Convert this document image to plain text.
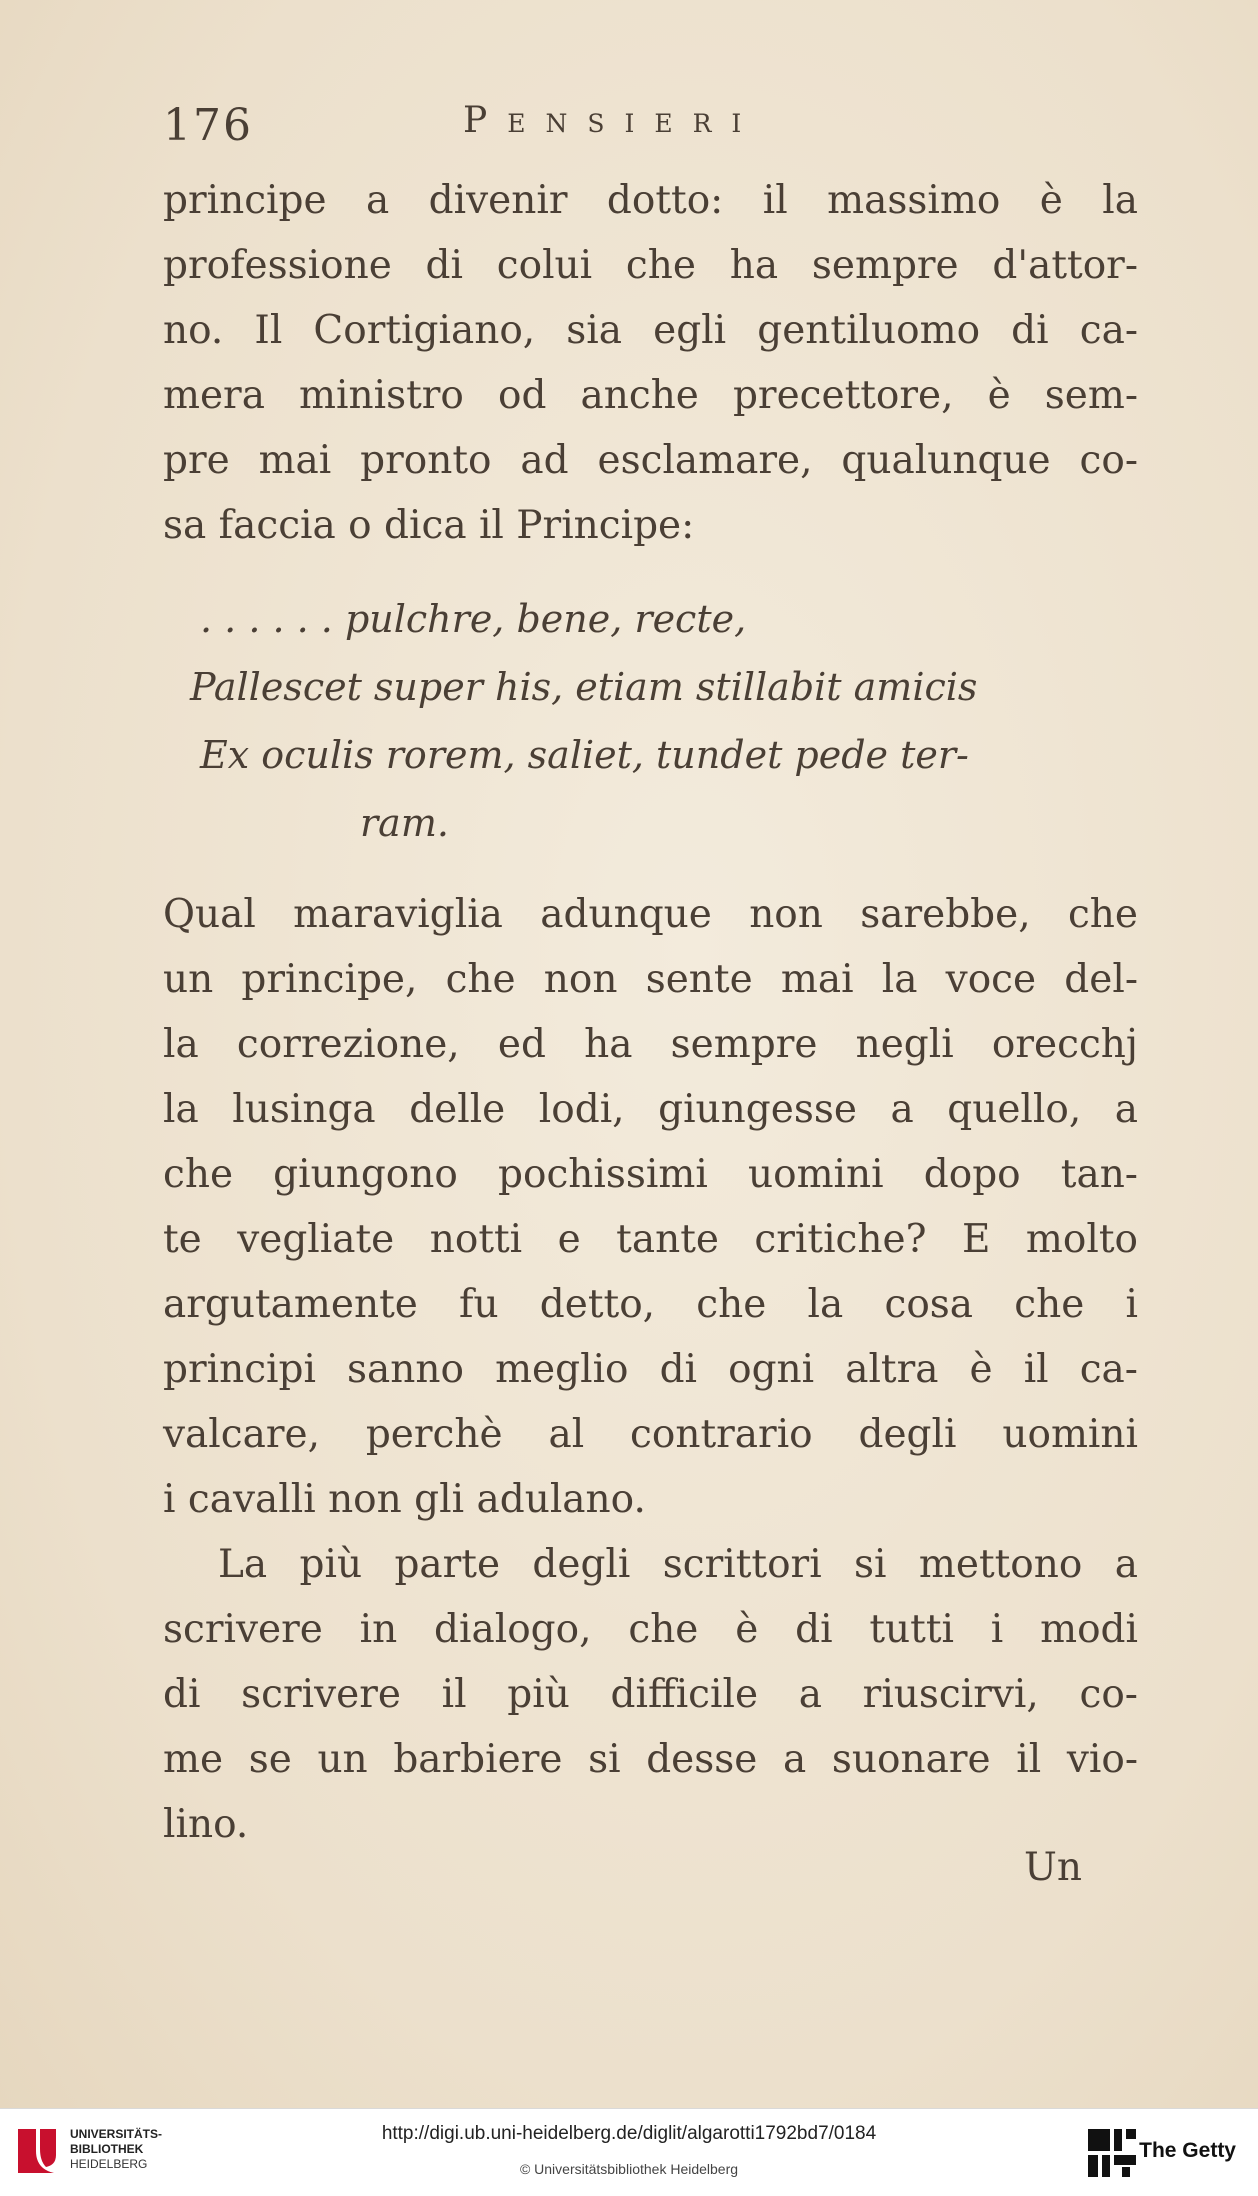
176	Pensieri
principe a divenir dotto: il massimo è la
professione di colui che ha sempre d'attor-
no. Il Cortigiano, sia egli gentiluomo di ca-
mera ministro od anche precettore, è sem-
pre mai pronto ad esclamare, qualunque co-
sa faccia o dica il Principe:
. . . . . . pulchre, bene, recte,
Pallescet super his, etiam stillabit amicis
Ex oculis rorem, saliet, tundet pede ter-
ram.
Qual maraviglia adunque non sarebbe, che
un principe, che non sente mai la voce del-
la correzione, ed ha sempre negli orecchj
la lusinga delle lodi, giungesse a quello, a
che giungono pochissimi uomini dopo tan-
te vegliate notti e tante critiche? E molto
argutamente fu detto, che la cosa che i
principi sanno meglio di ogni altra è il ca-
valcare, perchè al contrario degli uomini
i cavalli non gli adulano.
La più parte degli scrittori si mettono a
scrivere in dialogo, che è di tutti i modi
di scrivere il più difficile a riuscirvi, co-
me se un barbiere si desse a suonare il vio-
lino.
Un
UNIVERSITÄTS-
BIBLIOTHEK
HEIDELBERG
http://digi.ub.uni-heidelberg.de/diglit/algarotti1792bd7/0184
© Universitätsbibliothek Heidelberg
The Getty
